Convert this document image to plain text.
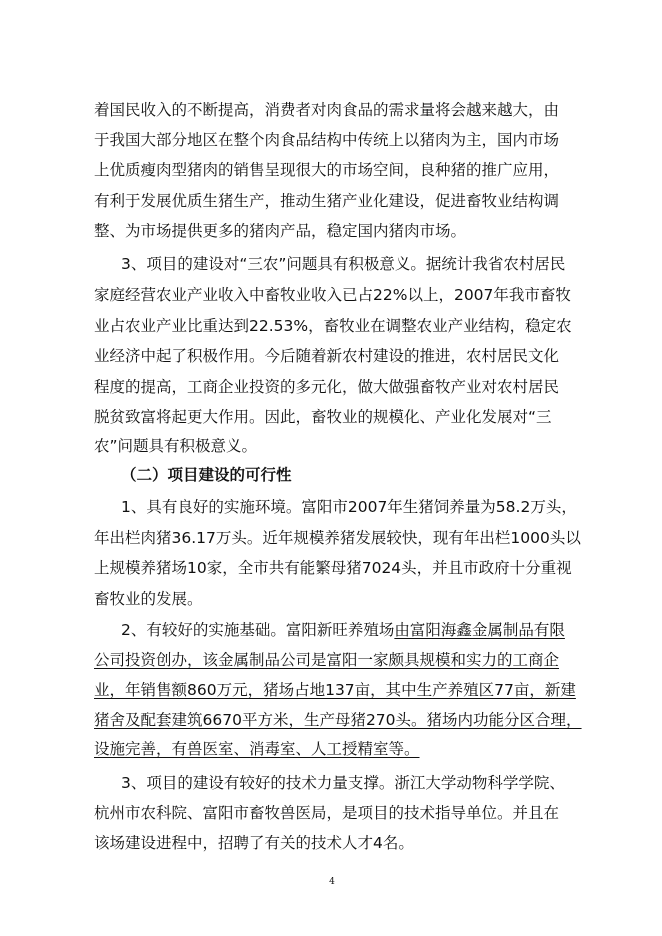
着国民收入的不断提高，消费者对肉食品的需求量将会越来越大，由
于我国大部分地区在整个肉食品结构中传统上以猪肉为主，国内市场
上优质瘦肉型猪肉的销售呈现很大的市场空间，良种猪的推广应用，
有利于发展优质生猪生产，推动生猪产业化建设，促进畜牧业结构调
整、为市场提供更多的猪肉产品，稳定国内猪肉市场。
3、项目的建设对“三农”问题具有积极意义。据统计我省农村居民
家庭经营农业产业收入中畜牧业收入已占22%以上，2007年我市畜牧
业占农业产业比重达到22.53%，畜牧业在调整农业产业结构，稳定农
业经济中起了积极作用。今后随着新农村建设的推进，农村居民文化
程度的提高，工商企业投资的多元化，做大做强畜牧产业对农村居民
脱贫致富将起更大作用。因此，畜牧业的规模化、产业化发展对“三
农”问题具有积极意义。
（二）项目建设的可行性
1、具有良好的实施环境。富阳市2007年生猪饲养量为58.2万头，
年出栏肉猪36.17万头。近年规模养猪发展较快，现有年出栏1000头以
上规模养猪场10家，全市共有能繁母猪7024头，并且市政府十分重视
畜牧业的发展。
2、有较好的实施基础。富阳新旺养殖场由富阳海鑫金属制品有限
公司投资创办，该金属制品公司是富阳一家颇具规模和实力的工商企
业，年销售额860万元，猪场占地137亩，其中生产养殖区77亩，新建
猪舍及配套建筑6670平方米，生产母猪270头。猪场内功能分区合理，
设施完善，有兽医室、消毒室、人工授精室等。
3、项目的建设有较好的技术力量支撑。浙江大学动物科学学院、
杭州市农科院、富阳市畜牧兽医局，是项目的技术指导单位。并且在
该场建设进程中，招聘了有关的技术人才4名。
4
